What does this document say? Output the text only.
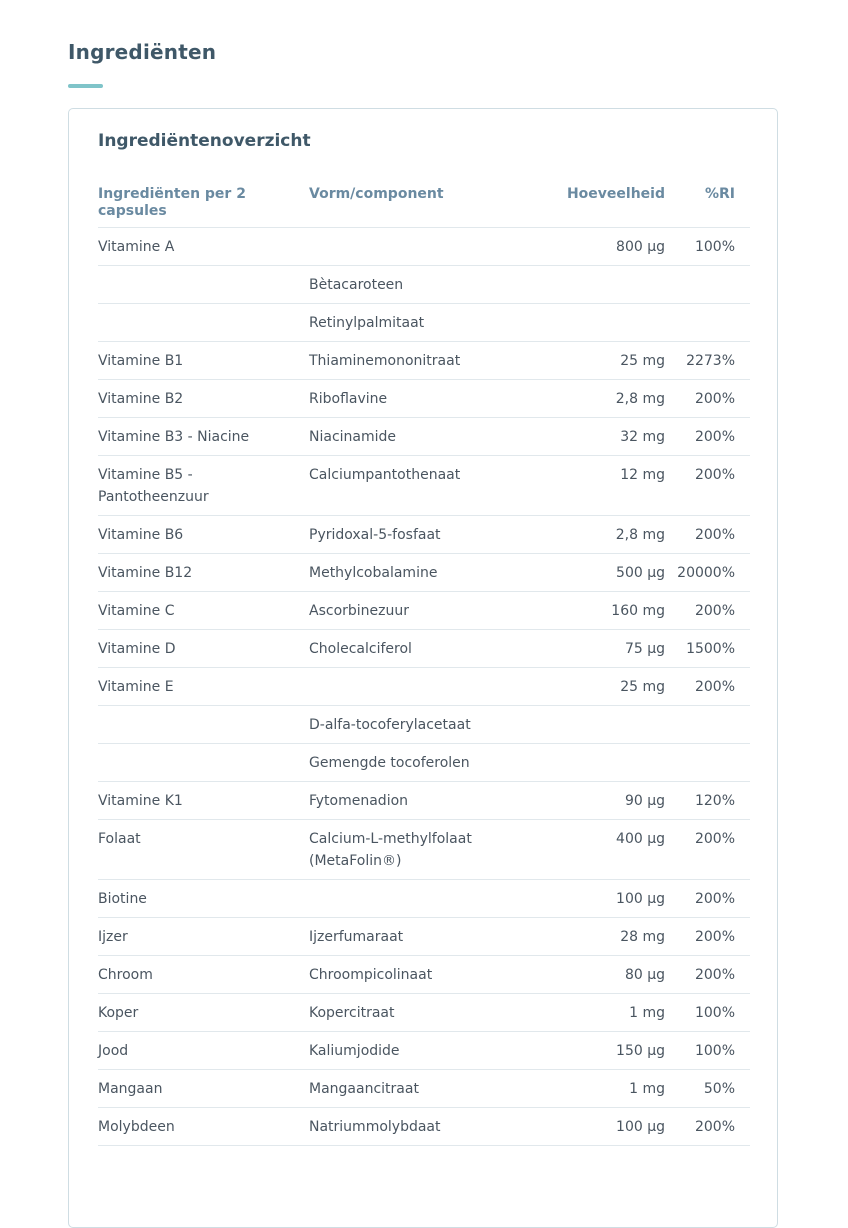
Ingrediënten
Ingrediëntenoverzicht
Ingrediënten per 2 capsules	Vorm/component	Hoeveelheid	%RI
Vitamine A		800 µg	100%
	Bètacaroteen		
	Retinylpalmitaat		
Vitamine B1	Thiaminemononitraat	25 mg	2273%
Vitamine B2	Riboflavine	2,8 mg	200%
Vitamine B3 - Niacine	Niacinamide	32 mg	200%
Vitamine B5 - Pantotheenzuur	Calciumpantothenaat	12 mg	200%
Vitamine B6	Pyridoxal-5-fosfaat	2,8 mg	200%
Vitamine B12	Methylcobalamine	500 µg	20000%
Vitamine C	Ascorbinezuur	160 mg	200%
Vitamine D	Cholecalciferol	75 µg	1500%
Vitamine E		25 mg	200%
	D-alfa-tocoferylacetaat		
	Gemengde tocoferolen		
Vitamine K1	Fytomenadion	90 µg	120%
Folaat	Calcium-L-methylfolaat (MetaFolin®)	400 µg	200%
Biotine		100 µg	200%
Ijzer	Ijzerfumaraat	28 mg	200%
Chroom	Chroompicolinaat	80 µg	200%
Koper	Kopercitraat	1 mg	100%
Jood	Kaliumjodide	150 µg	100%
Mangaan	Mangaancitraat	1 mg	50%
Molybdeen	Natriummolybdaat	100 µg	200%
